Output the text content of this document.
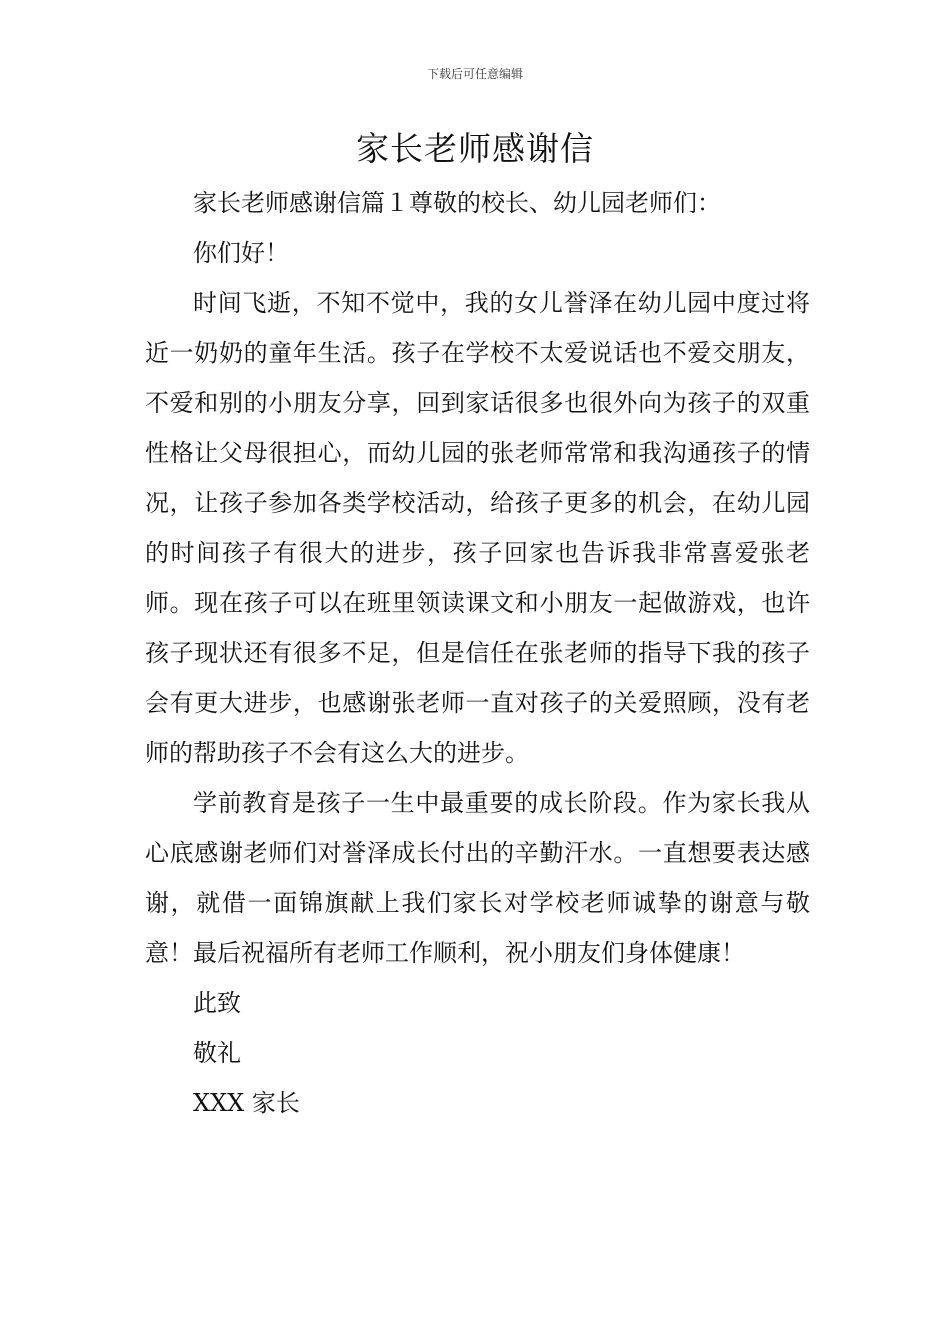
下载后可任意编辑
家长老师感谢信

家长老师感谢信篇１尊敬的校长、幼儿园老师们：

你们好！

时间飞逝，不知不觉中，我的女儿誉泽在幼儿园中度过将近一奶奶的童年生活。孩子在学校不太爱说话也不爱交朋友，不爱和别的小朋友分享，回到家话很多也很外向为孩子的双重性格让父母很担心，而幼儿园的张老师常常和我沟通孩子的情况，让孩子参加各类学校活动，给孩子更多的机会，在幼儿园的时间孩子有很大的进步，孩子回家也告诉我非常喜爱张老师。现在孩子可以在班里领读课文和小朋友一起做游戏，也许孩子现状还有很多不足，但是信任在张老师的指导下我的孩子会有更大进步，也感谢张老师一直对孩子的关爱照顾，没有老师的帮助孩子不会有这么大的进步。

学前教育是孩子一生中最重要的成长阶段。作为家长我从心底感谢老师们对誉泽成长付出的辛勤汗水。一直想要表达感谢，就借一面锦旗献上我们家长对学校老师诚挚的谢意与敬意！最后祝福所有老师工作顺利，祝小朋友们身体健康！

此致

敬礼

XXX 家长
